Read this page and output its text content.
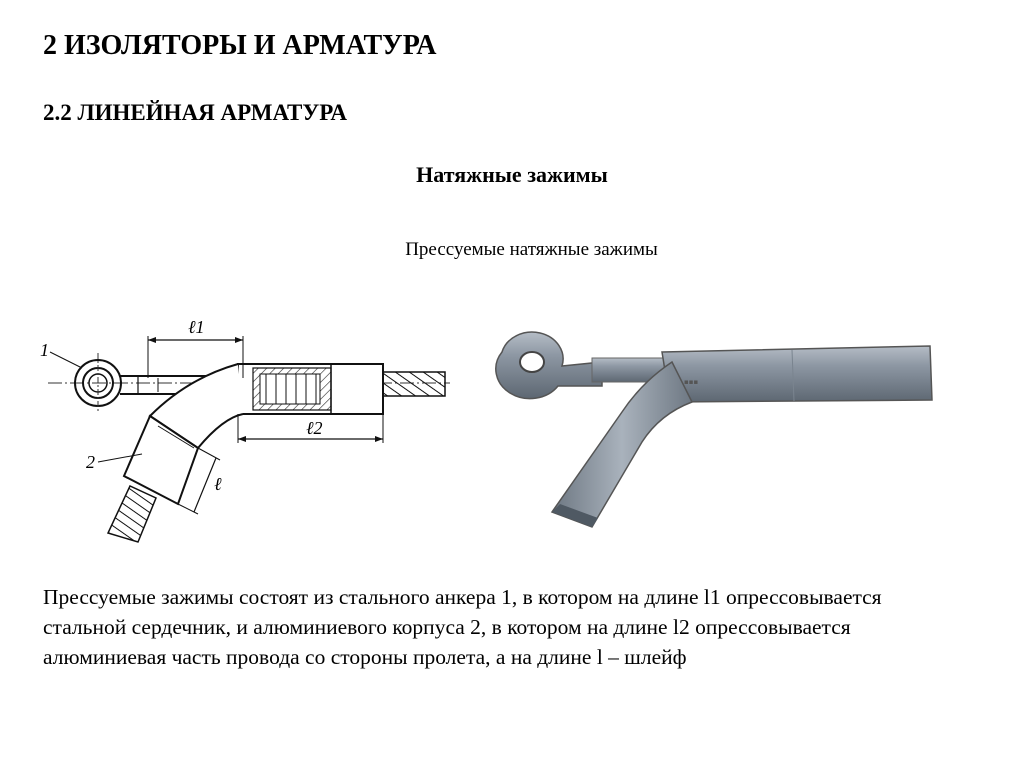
2 ИЗОЛЯТОРЫ И АРМАТУРА
2.2 ЛИНЕЙНАЯ АРМАТУРА
Натяжные зажимы

Прессуемые натяжные зажимы

ℓ1
ℓ2
ℓ
1
2
▪▪▪

Прессуемые зажимы состоят из стального анкера 1, в котором на длине l1 опрессовывается стальной сердечник, и алюминиевого корпуса 2, в котором на длине l2 опрессовывается алюминиевая часть провода со стороны пролета, а на длине l – шлейф
